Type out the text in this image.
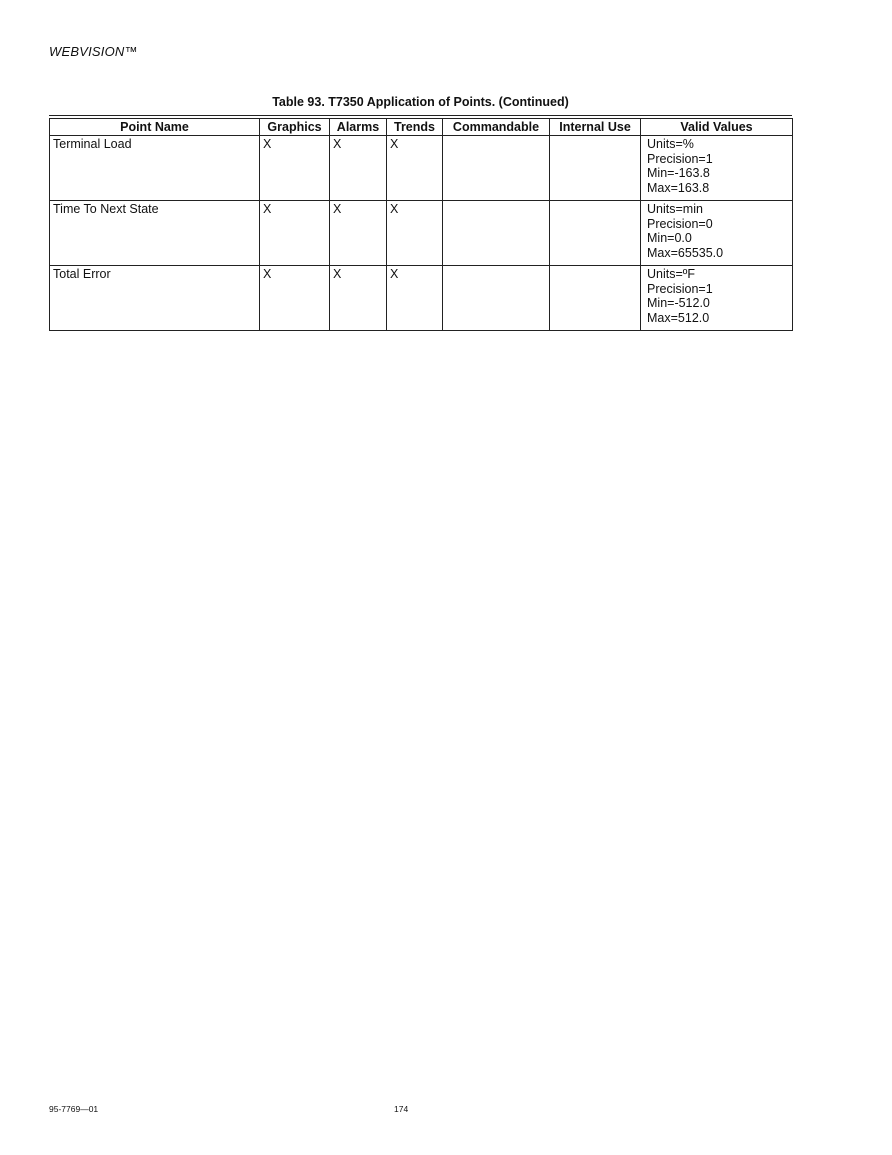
WEBVISION™
Table 93. T7350 Application of Points. (Continued)
Point Name	Graphics	Alarms	Trends	Commandable	Internal Use	Valid Values
Terminal Load	X	X	X			Units=%
Precision=1
Min=-163.8
Max=163.8

Time To Next State	X	X	X			Units=min
Precision=0
Min=0.0
Max=65535.0

Total Error	X	X	X			Units=ºF
Precision=1
Min=-512.0
Max=512.0
95-7769—01	174
